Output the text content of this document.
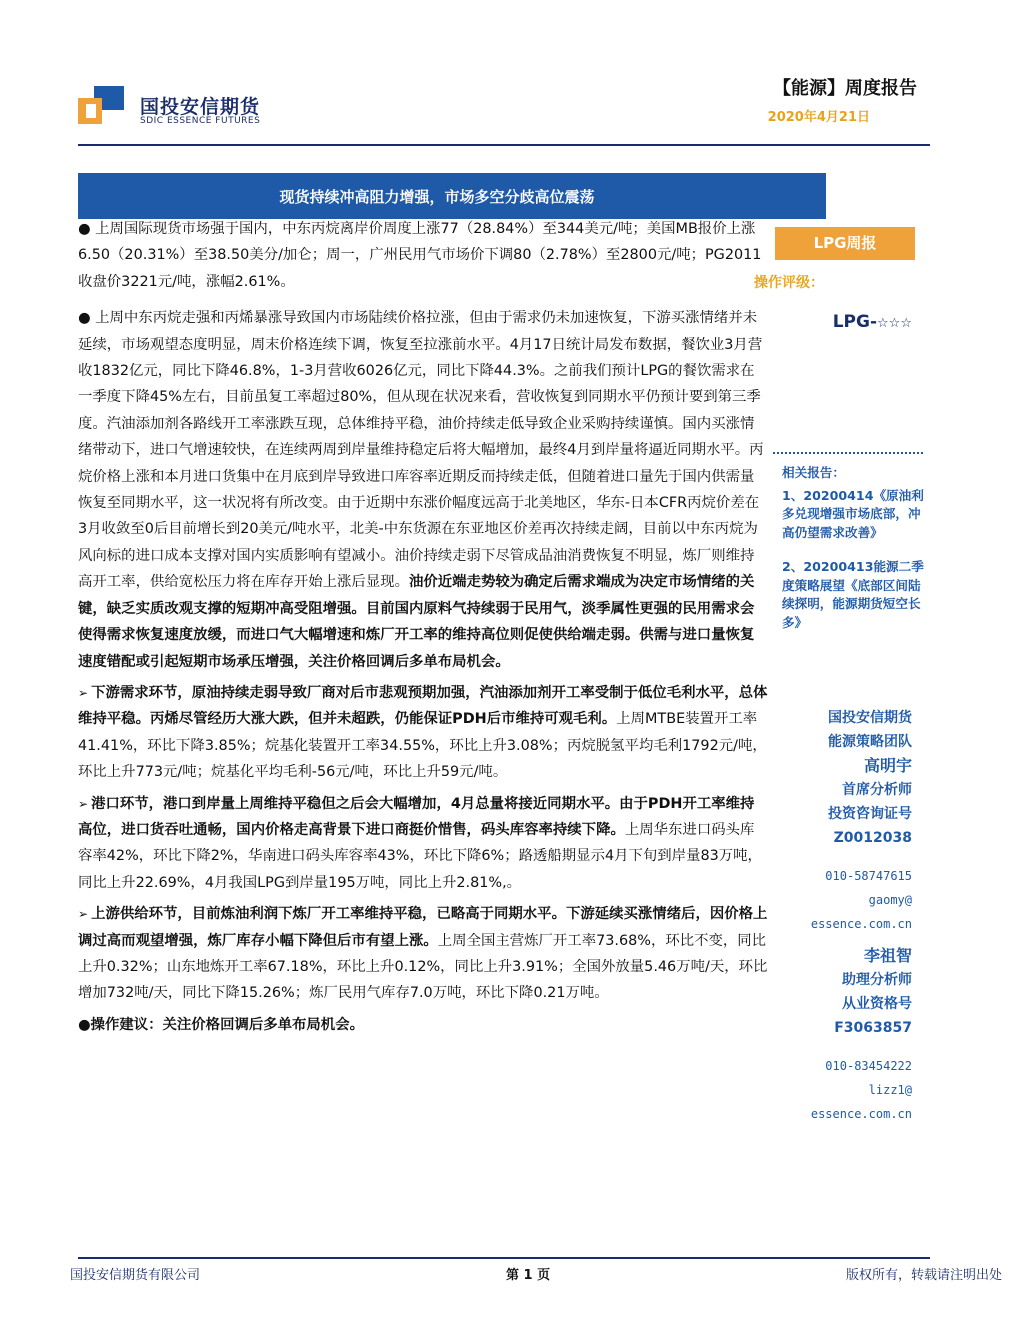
国投安信期货
SDIC ESSENCE FUTURES
【能源】周度报告
2020年4月21日
现货持续冲高阻力增强，市场多空分歧高位震荡

● 上周国际现货市场强于国内，中东丙烷离岸价周度上涨77（28.84%）至344美元/吨；美国MB报价上涨6.50（20.31%）至38.50美分/加仑；周一，广州民用气市场价下调80（2.78%）至2800元/吨；PG2011收盘价3221元/吨，涨幅2.61%。

● 上周中东丙烷走强和丙烯暴涨导致国内市场陆续价格拉涨，但由于需求仍未加速恢复，下游买涨情绪并未延续，市场观望态度明显，周末价格连续下调，恢复至拉涨前水平。4月17日统计局发布数据，餐饮业3月营收1832亿元，同比下降46.8%，1-3月营收6026亿元，同比下降44.3%。之前我们预计LPG的餐饮需求在一季度下降45%左右，目前虽复工率超过80%，但从现在状况来看，营收恢复到同期水平仍预计要到第三季度。汽油添加剂各路线开工率涨跌互现，总体维持平稳，油价持续走低导致企业采购持续谨慎。国内买涨情绪带动下，进口气增速较快，在连续两周到岸量维持稳定后将大幅增加，最终4月到岸量将逼近同期水平。丙烷价格上涨和本月进口货集中在月底到岸导致进口库容率近期反而持续走低，但随着进口量先于国内供需量恢复至同期水平，这一状况将有所改变。由于近期中东涨价幅度远高于北美地区，华东-日本CFR丙烷价差在3月收敛至0后目前增长到20美元/吨水平，北美-中东货源在东亚地区价差再次持续走阔，目前以中东丙烷为风向标的进口成本支撑对国内实质影响有望减小。油价持续走弱下尽管成品油消费恢复不明显，炼厂则维持高开工率，供给宽松压力将在库存开始上涨后显现。油价近端走势较为确定后需求端成为决定市场情绪的关键，缺乏实质改观支撑的短期冲高受阻增强。目前国内原料气持续弱于民用气，淡季属性更强的民用需求会使得需求恢复速度放缓，而进口气大幅增速和炼厂开工率的维持高位则促使供给端走弱。供需与进口量恢复速度错配或引起短期市场承压增强，关注价格回调后多单布局机会。

➢ 下游需求环节，原油持续走弱导致厂商对后市悲观预期加强，汽油添加剂开工率受制于低位毛利水平，总体维持平稳。丙烯尽管经历大涨大跌，但并未超跌，仍能保证PDH后市维持可观毛利。上周MTBE装置开工率41.41%，环比下降3.85%；烷基化装置开工率34.55%，环比上升3.08%；丙烷脱氢平均毛利1792元/吨，环比上升773元/吨；烷基化平均毛利-56元/吨，环比上升59元/吨。

➢ 港口环节，港口到岸量上周维持平稳但之后会大幅增加，4月总量将接近同期水平。由于PDH开工率维持高位，进口货吞吐通畅，国内价格走高背景下进口商挺价惜售，码头库容率持续下降。上周华东进口码头库容率42%，环比下降2%，华南进口码头库容率43%，环比下降6%；路透船期显示4月下旬到岸量83万吨，同比上升22.69%，4月我国LPG到岸量195万吨，同比上升2.81%,。

➢ 上游供给环节，目前炼油利润下炼厂开工率维持平稳，已略高于同期水平。下游延续买涨情绪后，因价格上调过高而观望增强，炼厂库存小幅下降但后市有望上涨。上周全国主营炼厂开工率73.68%，环比不变，同比上升0.32%；山东地炼开工率67.18%，环比上升0.12%，同比上升3.91%；全国外放量5.46万吨/天，环比增加732吨/天，同比下降15.26%；炼厂民用气库存7.0万吨，环比下降0.21万吨。

●操作建议：关注价格回调后多单布局机会。

LPG周报
操作评级：
LPG-☆☆☆
相关报告：
1、20200414《原油利多兑现增强市场底部，冲高仍望需求改善》
2、20200413能源二季度策略展望《底部区间陆续探明，能源期货短空长多》
国投安信期货
能源策略团队
高明宇
首席分析师
投资咨询证号
Z0012038
010-58747615
gaomy@
essence.com.cn
李祖智
助理分析师
从业资格号
F3063857
010-83454222
lizz1@
essence.com.cn
国投安信期货有限公司	第 1 页	版权所有，转载请注明出处
